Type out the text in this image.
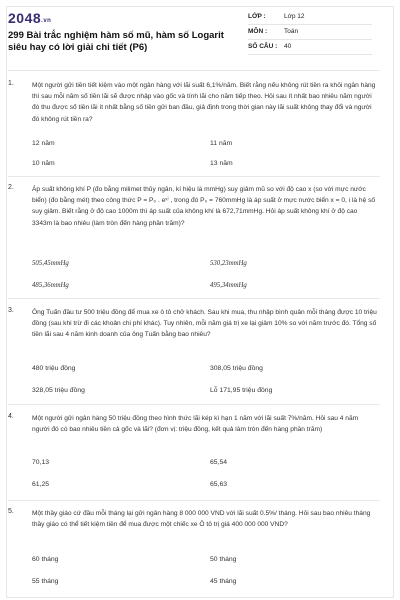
2048.vn
299 Bài trắc nghiệm hàm số mũ, hàm số Logarit siêu hay có lời giải chi tiết (P6)
LỚP :	Lớp 12
MÔN :	Toán
SỐ CÂU : 40
1.	Một người gửi tiền tiết kiệm vào một ngân hàng với lãi suất 6,1%/năm. Biết rằng nếu không rút tiền ra khỏi ngân hàng thì sau mỗi năm số tiền lãi sẽ được nhập vào gốc và tính lãi cho năm tiếp theo. Hỏi sau ít nhất bao nhiêu năm người đó thu được số tiền lãi ít nhất bằng số tiền gửi ban đầu, giả định trong thời gian này lãi suất không thay đổi và người đó không rút tiền ra?
12 năm	11 năm
10 năm	13 năm
2.	Áp suất không khí P (đo bằng milimet thủy ngân, kí hiệu là mmHg) suy giảm mũ so với độ cao x (so với mực nước biển) (đo bằng mét) theo công thức P = P₀ . eˣⁱ , trong đó P₀ = 760mmHg là áp suất ở mực nước biển x = 0, i là hệ số suy giảm. Biết rằng ở độ cao 1000m thì áp suất của không khí là 672,71mmHg. Hỏi áp suất không khí ở độ cao 3343m là bao nhiêu (làm tròn đến hàng phần trăm)?
505,45mmHg	530,23mmHg
485,36mmHg	495,34mmHg
3.	Ông Tuấn đầu tư 500 triệu đồng để mua xe ô tô chở khách. Sau khi mua, thu nhập bình quân mỗi tháng được 10 triệu đồng (sau khi trừ đi các khoản chi phí khác). Tuy nhiên, mỗi năm giá trị xe lại giảm 10% so với năm trước đó. Tổng số tiền lãi sau 4 năm kinh doanh của ông Tuấn bằng bao nhiêu?
480 triệu đồng	308,05 triệu đồng
328,05 triệu đồng	Lỗ 171,95 triệu đồng
4.	Một người gửi ngân hàng 50 triệu đồng theo hình thức lãi kép kì hạn 1 năm với lãi suất 7%/năm. Hỏi sau 4 năm người đó có bao nhiêu tiền cả gốc và lãi? (đơn vị: triệu đồng, kết quả làm tròn đến hàng phần trăm)
70,13	65,54
61,25	65,63
5.	Một thầy giáo cứ đầu mỗi tháng lại gửi ngân hàng 8 000 000 VND với lãi suất 0.5%/ tháng. Hỏi sau bao nhiêu tháng thầy giáo có thể tiết kiệm tiền để mua được một chiếc xe Ô tô trị giá 400 000 000 VND?
60 tháng	50 tháng
55 tháng	45 tháng
